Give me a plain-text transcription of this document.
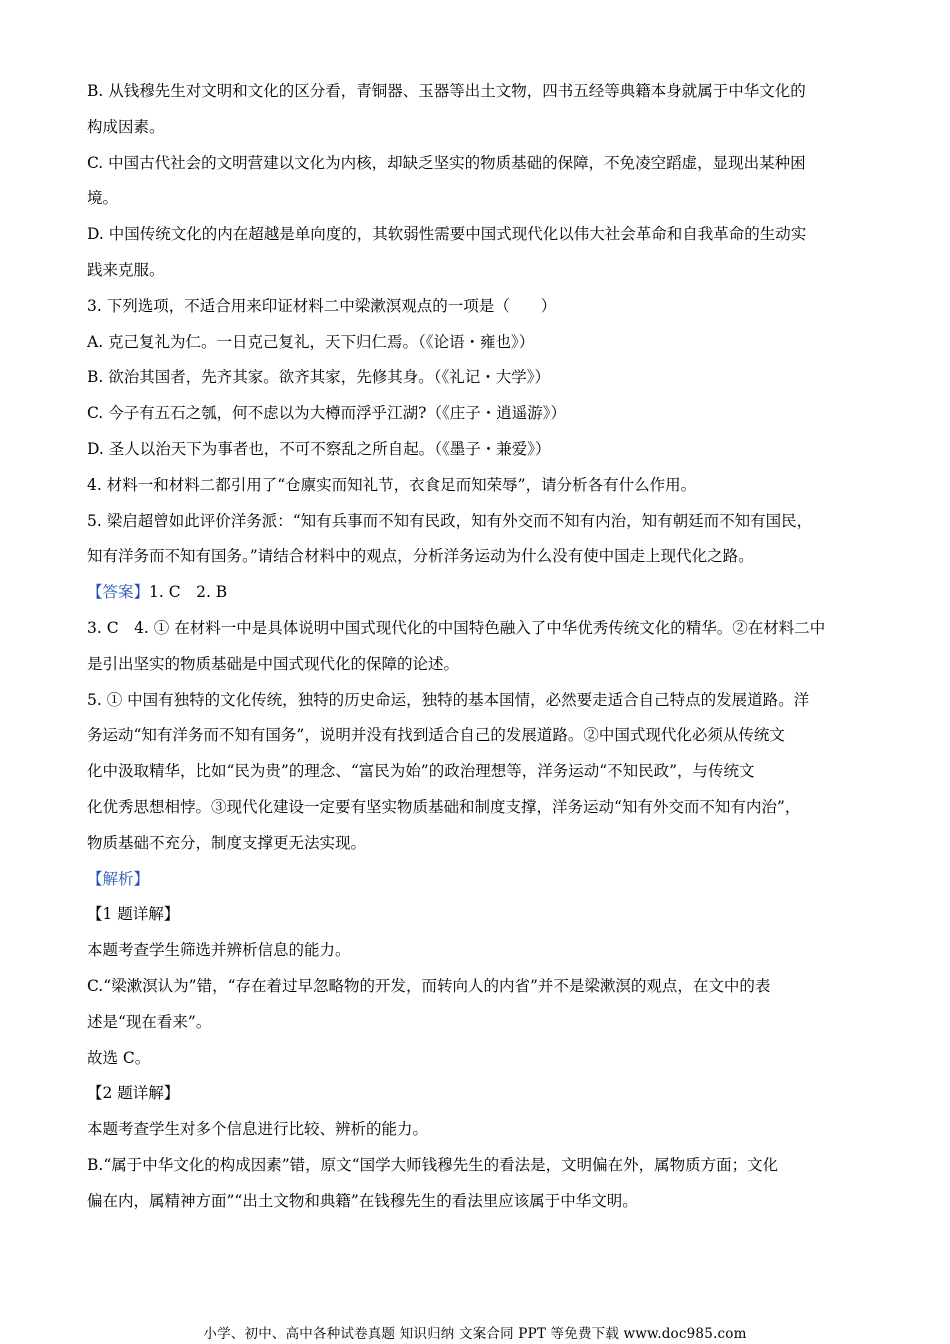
B. 从钱穆先生对文明和文化的区分看，青铜器、玉器等出土文物，四书五经等典籍本身就属于中华文化的
构成因素。
C. 中国古代社会的文明营建以文化为内核，却缺乏坚实的物质基础的保障，不免凌空蹈虚，显现出某种困
境。
D. 中国传统文化的内在超越是单向度的，其软弱性需要中国式现代化以伟大社会革命和自我革命的生动实
践来克服。
3. 下列选项，不适合用来印证材料二中梁漱溟观点的一项是（　　）
A. 克己复礼为仁。一日克己复礼，天下归仁焉。（《论语・雍也》）
B. 欲治其国者，先齐其家。欲齐其家，先修其身。（《礼记・大学》）
C. 今子有五石之瓠，何不虑以为大樽而浮乎江湖?（《庄子・逍遥游》）
D. 圣人以治天下为事者也，不可不察乱之所自起。（《墨子・兼爱》）
4. 材料一和材料二都引用了“仓廪实而知礼节，衣食足而知荣辱”，请分析各有什么作用。
5. 梁启超曾如此评价洋务派：“知有兵事而不知有民政，知有外交而不知有内治，知有朝廷而不知有国民，
知有洋务而不知有国务。”请结合材料中的观点，分析洋务运动为什么没有使中国走上现代化之路。
【答案】1. C　2. B
3. C　4. ① 在材料一中是具体说明中国式现代化的中国特色融入了中华优秀传统文化的精华。②在材料二中
是引出坚实的物质基础是中国式现代化的保障的论述。
5. ① 中国有独特的文化传统，独特的历史命运，独特的基本国情，必然要走适合自己特点的发展道路。洋
务运动“知有洋务而不知有国务”，说明并没有找到适合自己的发展道路。②中国式现代化必须从传统文
化中汲取精华，比如“民为贵”的理念、“富民为始”的政治理想等，洋务运动“不知民政”，与传统文
化优秀思想相悖。③现代化建设一定要有坚实物质基础和制度支撑，洋务运动“知有外交而不知有内治”，
物质基础不充分，制度支撑更无法实现。
【解析】
【1 题详解】
本题考查学生筛选并辨析信息的能力。
C.“梁漱溟认为”错，“存在着过早忽略物的开发，而转向人的内省”并不是梁漱溟的观点，在文中的表
述是“现在看来”。
故选 C。
【2 题详解】
本题考查学生对多个信息进行比较、辨析的能力。
B.“属于中华文化的构成因素”错，原文“国学大师钱穆先生的看法是，文明偏在外，属物质方面；文化
偏在内，属精神方面”“出土文物和典籍”在钱穆先生的看法里应该属于中华文明。
小学、初中、高中各种试卷真题 知识归纳 文案合同 PPT 等免费下载 www.doc985.com
